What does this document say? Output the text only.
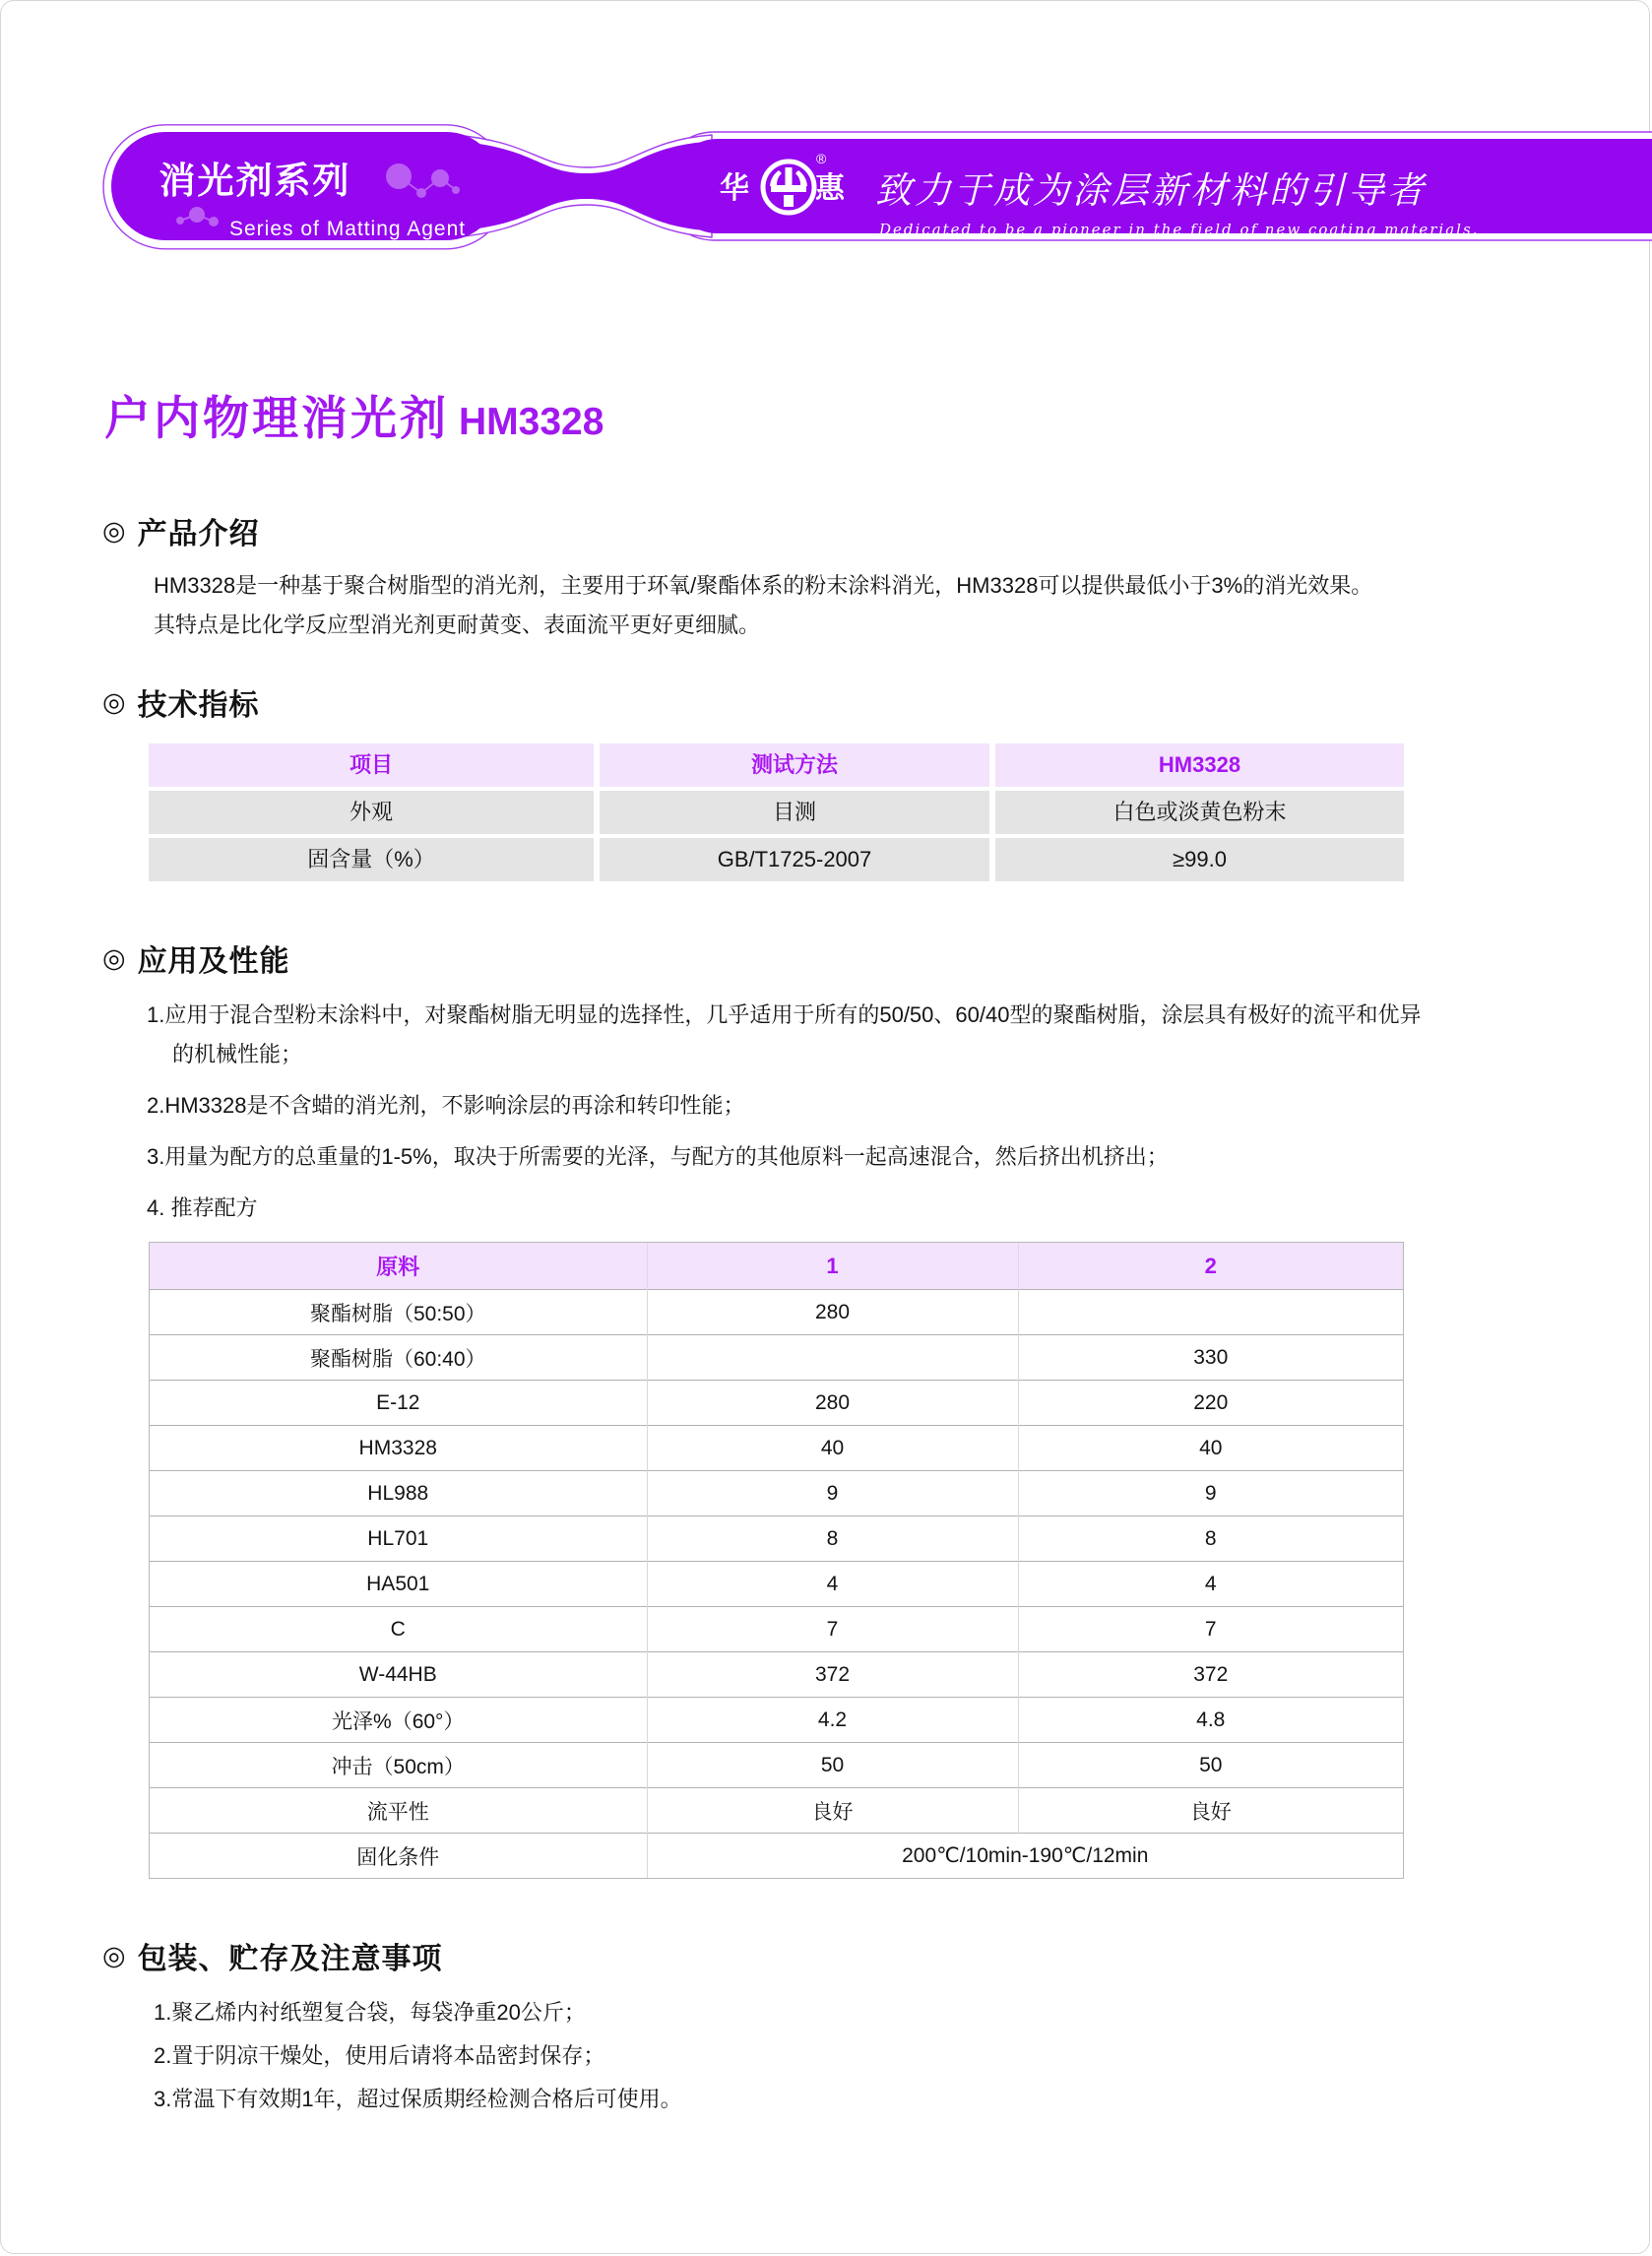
消光剂系列
Series of Matting Agent
华 惠
®
致力于成为涂层新材料的引导者
Dedicated to be a pioneer in the field of new coating materials.
户内物理消光剂 HM3328
◎ 产品介绍
HM3328是一种基于聚合树脂型的消光剂，主要用于环氧/聚酯体系的粉末涂料消光，HM3328可以提供最低小于3%的消光效果。
其特点是比化学反应型消光剂更耐黄变、表面流平更好更细腻。
◎ 技术指标
项目	测试方法	HM3328
外观	目测	白色或淡黄色粉末
固含量（%）	GB/T1725-2007	≥99.0
◎ 应用及性能
1.应用于混合型粉末涂料中，对聚酯树脂无明显的选择性，几乎适用于所有的50/50、60/40型的聚酯树脂，涂层具有极好的流平和优异的机械性能；
2.HM3328是不含蜡的消光剂，不影响涂层的再涂和转印性能；
3.用量为配方的总重量的1-5%，取决于所需要的光泽，与配方的其他原料一起高速混合，然后挤出机挤出；
4. 推荐配方
原料	1	2
聚酯树脂（50:50）	280	
聚酯树脂（60:40）		330
E-12	280	220
HM3328	40	40
HL988	9	9
HL701	8	8
HA501	4	4
C	7	7
W-44HB	372	372
光泽%（60°）	4.2	4.8
冲击（50cm）	50	50
流平性	良好	良好
固化条件	200℃/10min-190℃/12min	
◎ 包装、贮存及注意事项
1.聚乙烯内衬纸塑复合袋，每袋净重20公斤；
2.置于阴凉干燥处，使用后请将本品密封保存；
3.常温下有效期1年，超过保质期经检测合格后可使用。
